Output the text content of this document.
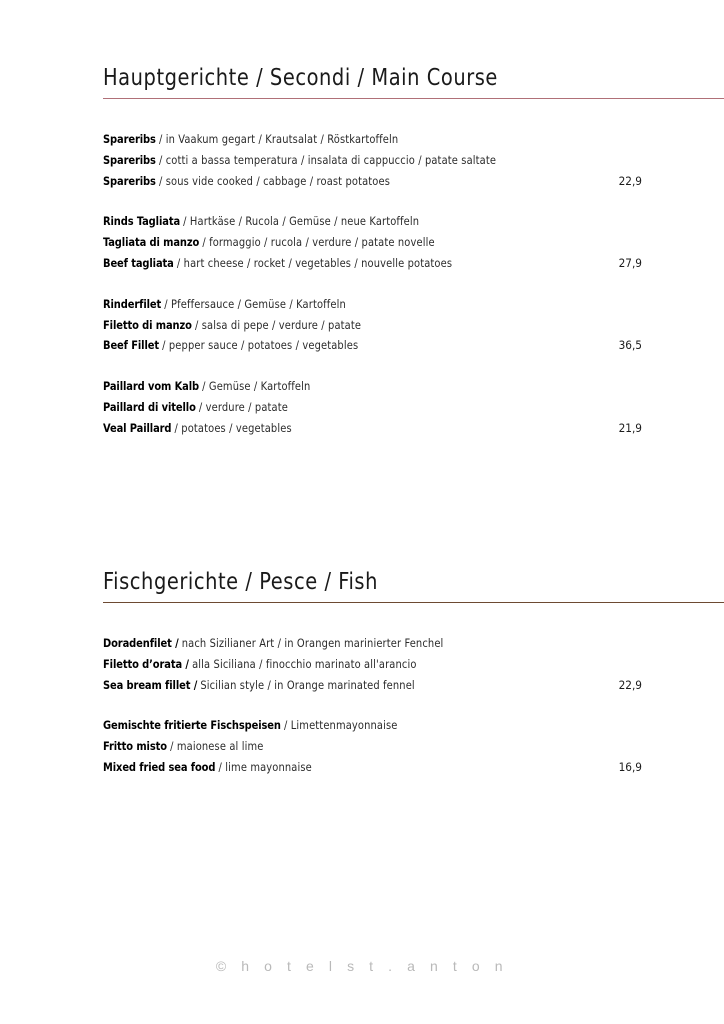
Hauptgerichte / Secondi / Main Course
Spareribs / in Vaakum gegart / Krautsalat / Röstkartoffeln
Spareribs / cotti a bassa temperatura / insalata di cappuccio / patate saltate
Spareribs / sous vide cooked / cabbage / roast potatoes	22,9
Rinds Tagliata / Hartkäse / Rucola / Gemüse / neue Kartoffeln
Tagliata di manzo / formaggio / rucola / verdure / patate novelle
Beef tagliata / hart cheese / rocket / vegetables / nouvelle potatoes	27,9
Rinderfilet / Pfeffersauce / Gemüse / Kartoffeln
Filetto di manzo / salsa di pepe / verdure / patate
Beef Fillet / pepper sauce / potatoes / vegetables	36,5
Paillard vom Kalb / Gemüse / Kartoffeln
Paillard di vitello / verdure / patate
Veal Paillard / potatoes / vegetables	21,9
Fischgerichte / Pesce / Fish
Doradenfilet / nach Sizilianer Art / in Orangen marinierter Fenchel
Filetto d’orata / alla Siciliana / finocchio marinato all'arancio
Sea bream fillet / Sicilian style / in Orange marinated fennel	22,9
Gemischte fritierte Fischspeisen / Limettenmayonnaise
Fritto misto / maionese al lime
Mixed fried sea food / lime mayonnaise	16,9
© h o t e l s t . a n t o n
